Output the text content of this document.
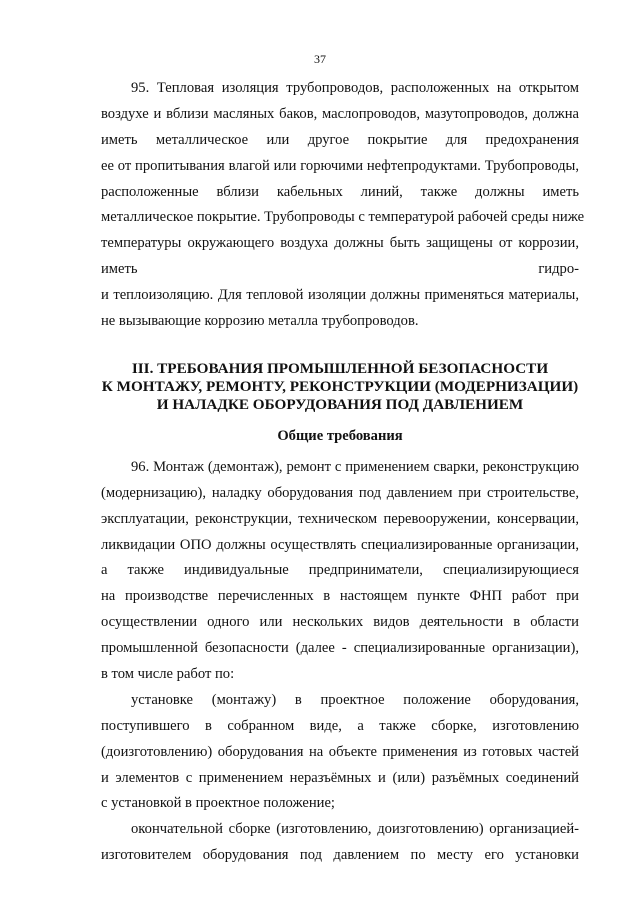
37
95. Тепловая изоляция трубопроводов, расположенных на открытом
воздухе и вблизи масляных баков, маслопроводов, мазутопроводов, должна
иметь металлическое или другое покрытие для предохранения
ее от пропитывания влагой или горючими нефтепродуктами. Трубопроводы,
расположенные вблизи кабельных линий, также должны иметь
металлическое покрытие. Трубопроводы с температурой рабочей среды ниже
температуры окружающего воздуха должны быть защищены от коррозии,
иметь гидро-
и теплоизоляцию. Для тепловой изоляции должны применяться материалы,
не вызывающие коррозию металла трубопроводов.
III. ТРЕБОВАНИЯ ПРОМЫШЛЕННОЙ БЕЗОПАСНОСТИ
К МОНТАЖУ, РЕМОНТУ, РЕКОНСТРУКЦИИ (МОДЕРНИЗАЦИИ)
И НАЛАДКЕ ОБОРУДОВАНИЯ ПОД ДАВЛЕНИЕМ
Общие требования
96. Монтаж (демонтаж), ремонт с применением сварки, реконструкцию
(модернизацию), наладку оборудования под давлением при строительстве,
эксплуатации, реконструкции, техническом перевооружении, консервации,
ликвидации ОПО должны осуществлять специализированные организации,
а также индивидуальные предприниматели, специализирующиеся
на производстве перечисленных в настоящем пункте ФНП работ при
осуществлении одного или нескольких видов деятельности в области
промышленной безопасности (далее - специализированные организации),
в том числе работ по:
установке (монтажу) в проектное положение оборудования,
поступившего в собранном виде, а также сборке, изготовлению
(доизготовлению) оборудования на объекте применения из готовых частей
и элементов с применением неразъёмных и (или) разъёмных соединений
с установкой в проектное положение;
окончательной сборке (изготовлению, доизготовлению) организацией-
изготовителем оборудования под давлением по месту его установки
